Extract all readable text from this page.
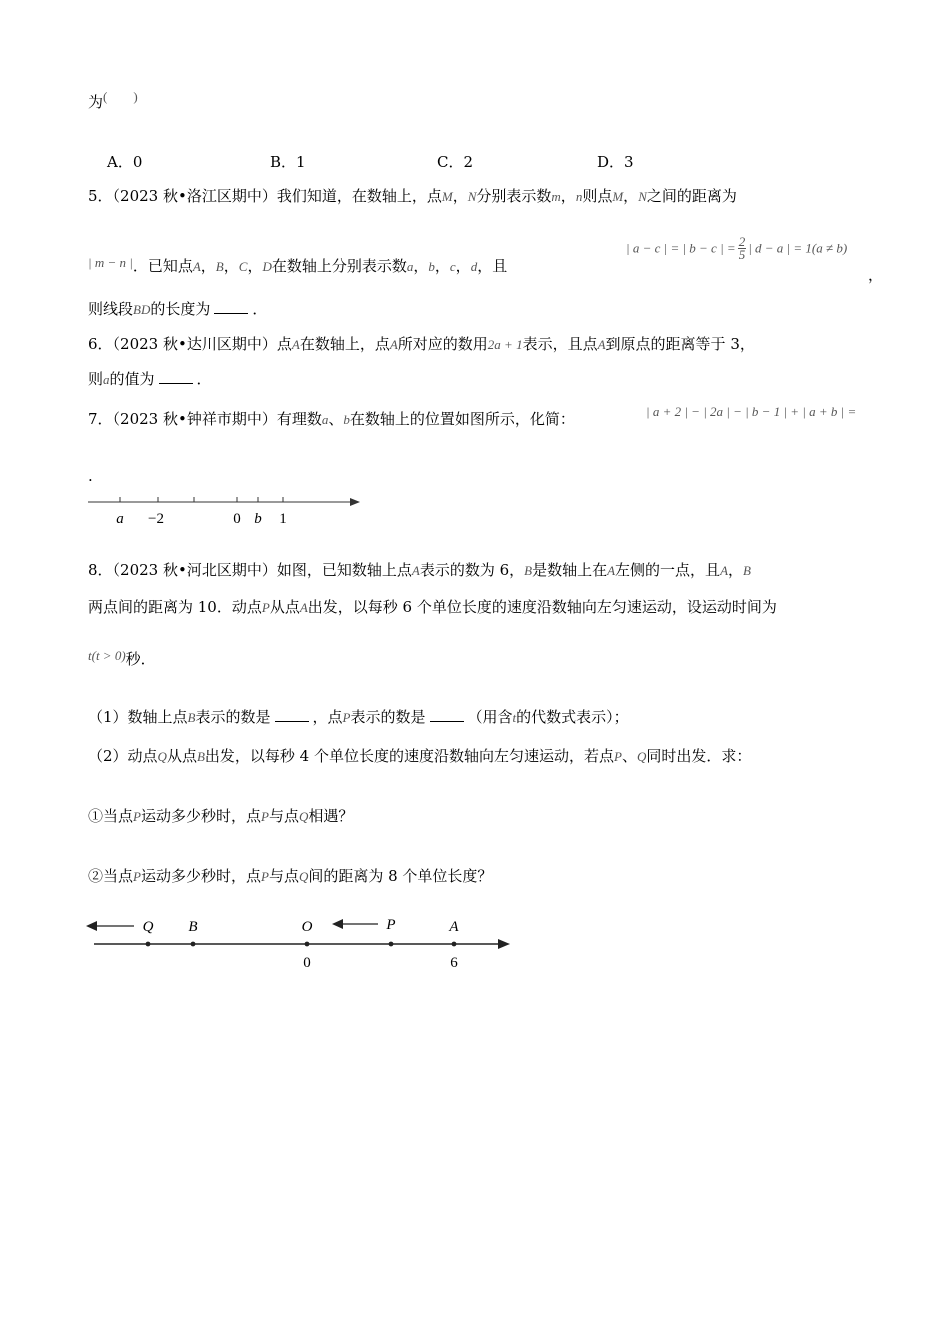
为(        )
A．0	B．1	C．2	D．3
5．（2023 秋•洛江区期中）我们知道，在数轴上，点M，N分别表示数m，n则点M，N之间的距离为
| m − n |．已知点A，B，C，D在数轴上分别表示数a，b，c，d，且
| a − c | = | b − c | = $\frac{2}{5}$ | d − a | = 1(a ≠ b)
，
则线段BD的长度为	．
6．（2023 秋•达川区期中）点A在数轴上，点A所对应的数用2a + 1表示，且点A到原点的距离等于 3，
则a的值为	．
7．（2023 秋•钟祥市期中）有理数a、b在数轴上的位置如图所示，化简：	| a + 2 | − | 2a | − | b − 1 | + | a + b | =
.
a −2	0 b 1
8．（2023 秋•河北区期中）如图，已知数轴上点A表示的数为 6，B是数轴上在A左侧的一点，且A，B
两点间的距离为 10．动点P从点A出发，以每秒 6 个单位长度的速度沿数轴向左匀速运动，设运动时间为
t(t > 0)秒．
（1）数轴上点B表示的数是	，点P表示的数是	（用含t的代数式表示）；
（2）动点Q从点B出发，以每秒 4 个单位长度的速度沿数轴向左匀速运动，若点P、Q同时出发．求：
①当点P运动多少秒时，点P与点Q相遇？
②当点P运动多少秒时，点P与点Q间的距离为 8 个单位长度？
Q B	O	P	A
0	6
